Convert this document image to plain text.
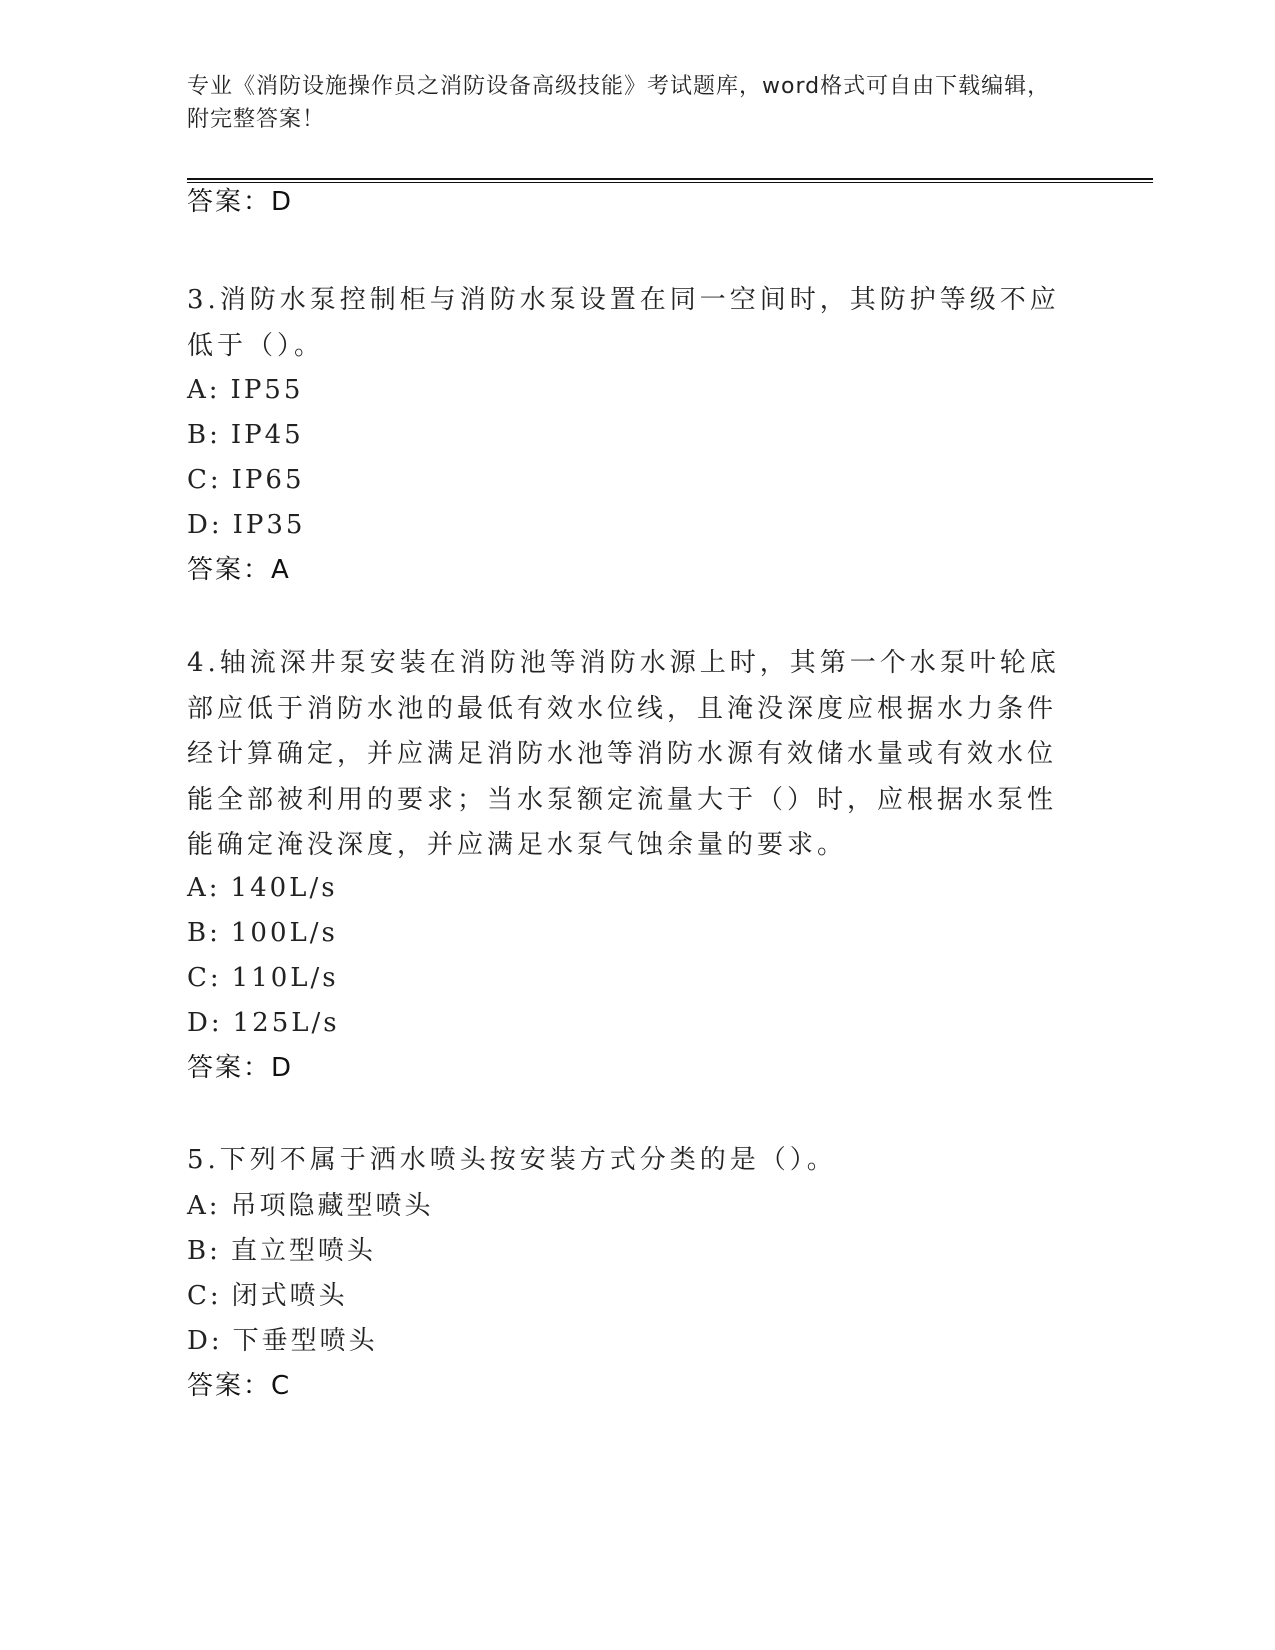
专业《消防设施操作员之消防设备高级技能》考试题库，word格式可自由下载编辑，附完整答案！
答案：D
3.消防水泵控制柜与消防水泵设置在同一空间时，其防护等级不应低于（）。
A: IP55
B: IP45
C: IP65
D: IP35
答案：A
4.轴流深井泵安装在消防池等消防水源上时，其第一个水泵叶轮底部应低于消防水池的最低有效水位线，且淹没深度应根据水力条件经计算确定，并应满足消防水池等消防水源有效储水量或有效水位能全部被利用的要求；当水泵额定流量大于（）时，应根据水泵性能确定淹没深度，并应满足水泵气蚀余量的要求。
A: 140L/s
B: 100L/s
C: 110L/s
D: 125L/s
答案：D
5.下列不属于洒水喷头按安装方式分类的是（）。
A: 吊项隐藏型喷头
B: 直立型喷头
C: 闭式喷头
D: 下垂型喷头
答案：C
